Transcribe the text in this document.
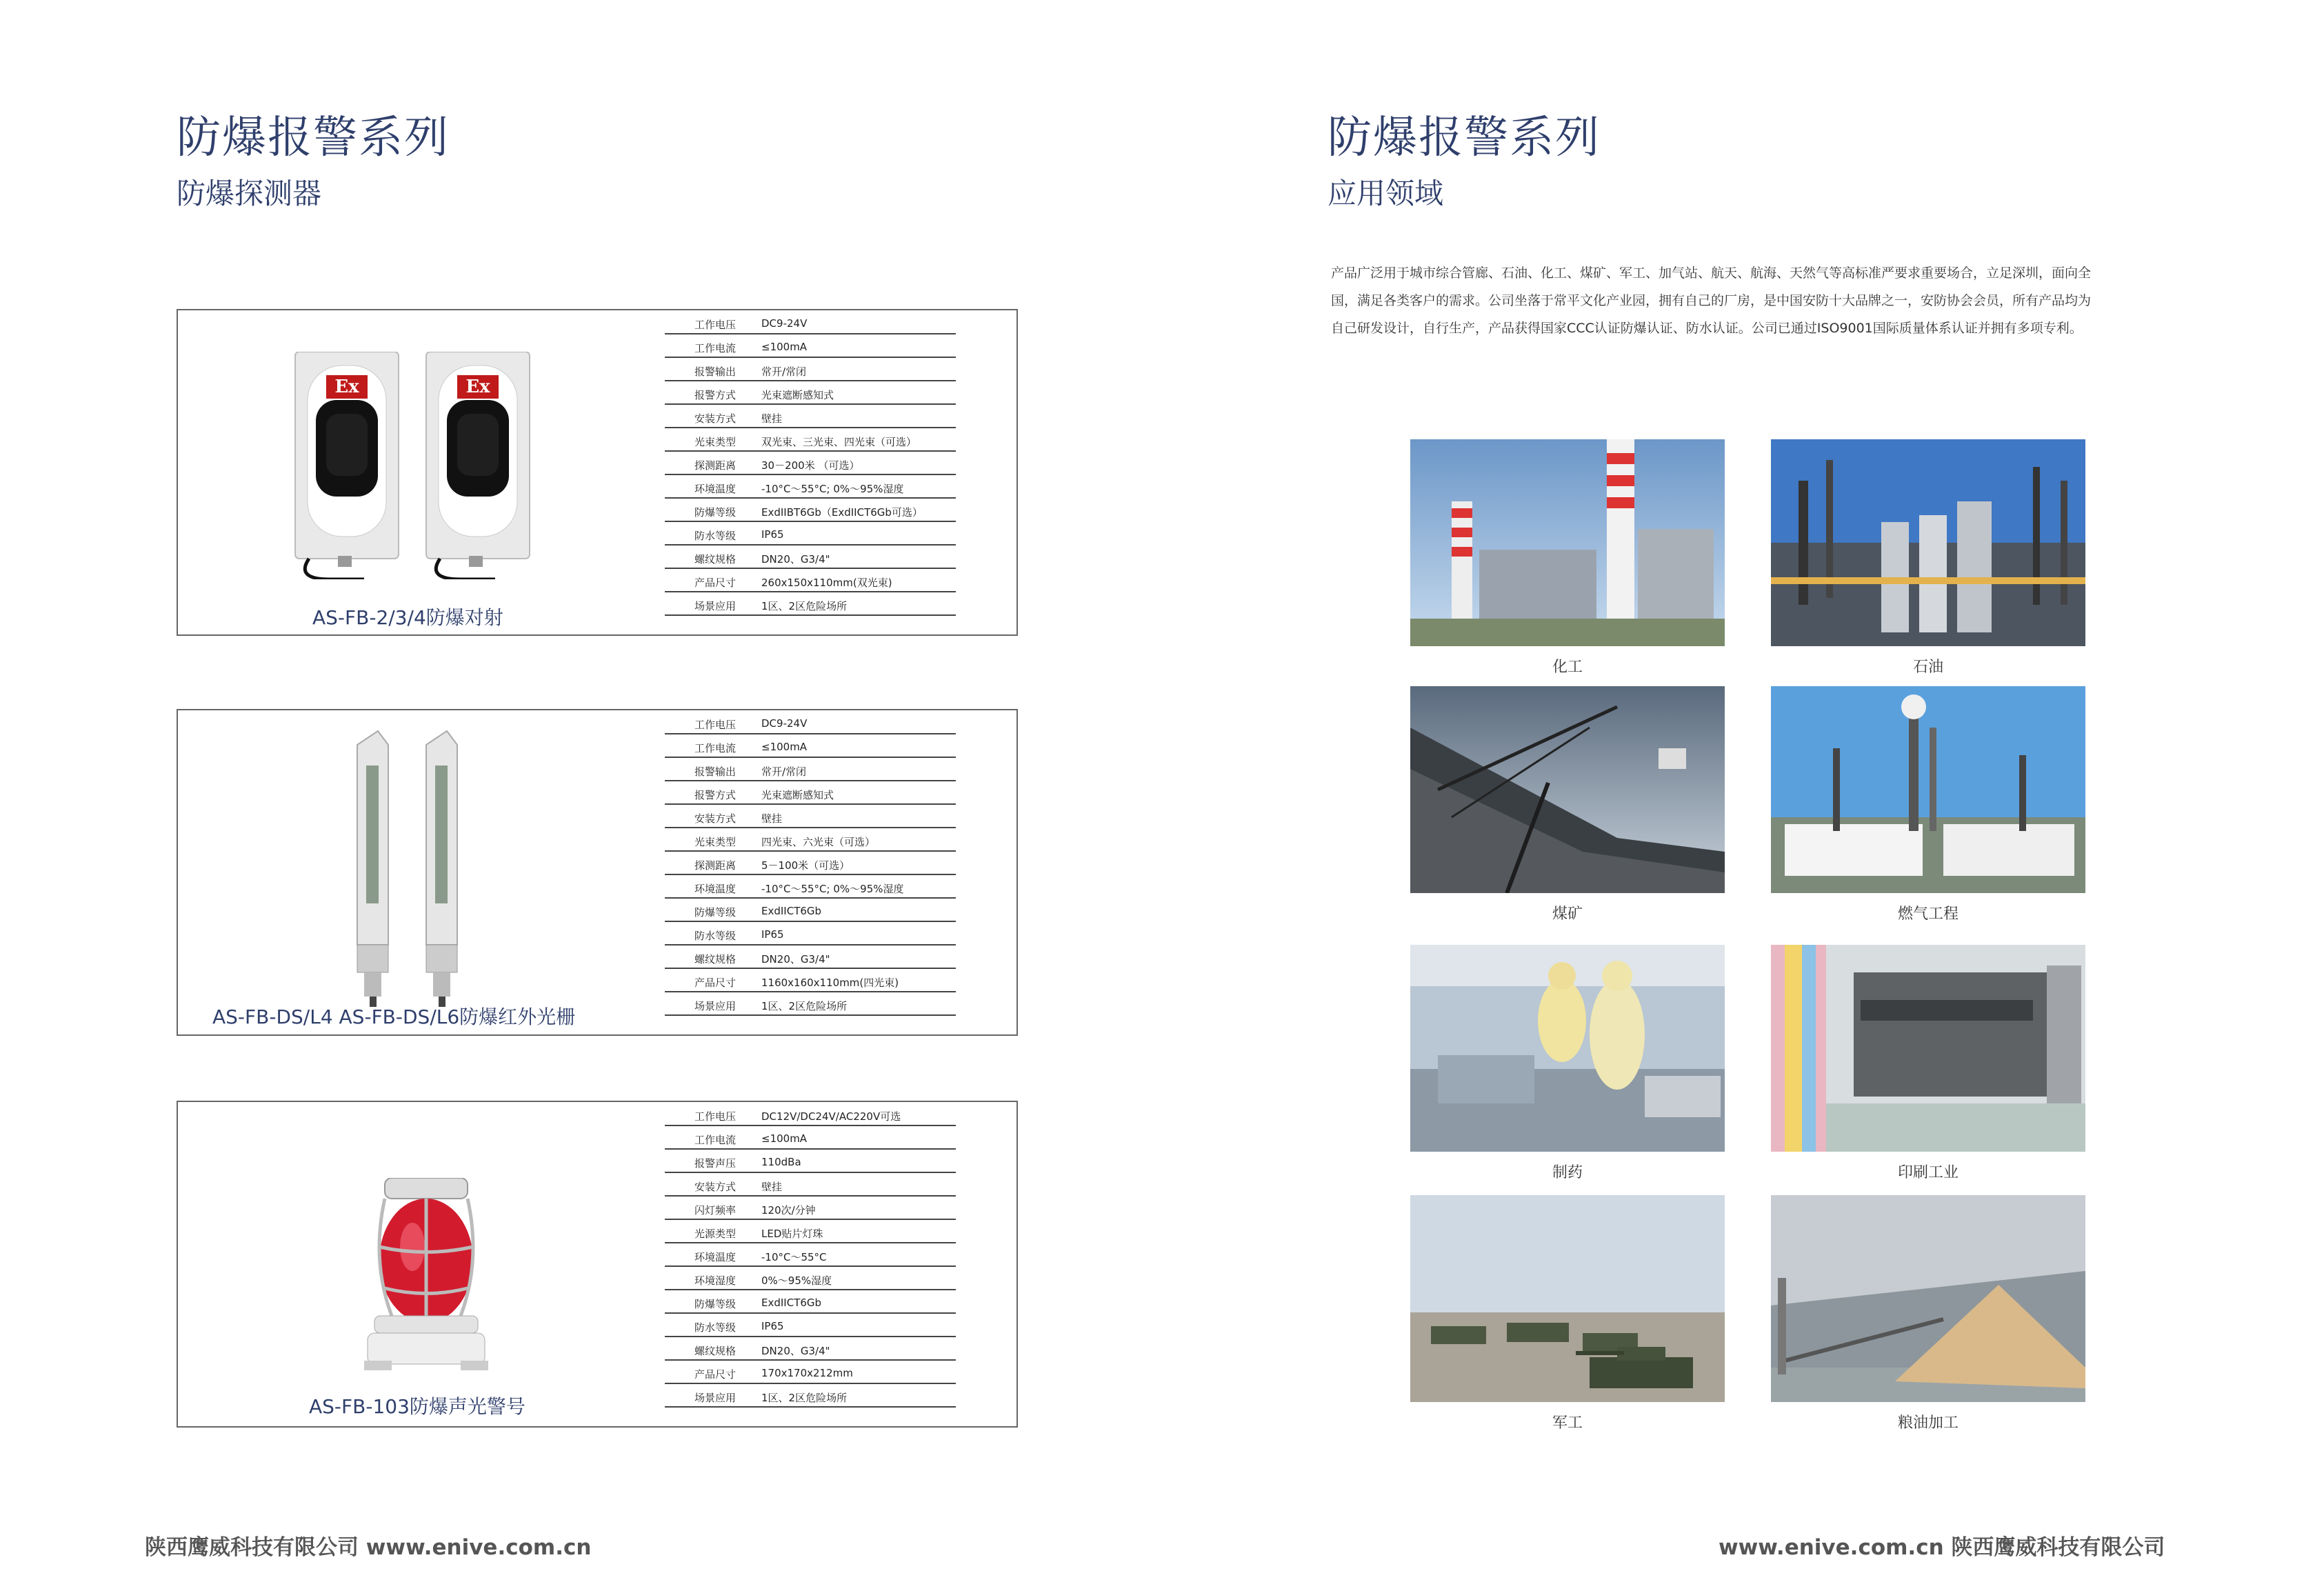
防爆报警系列
防爆探测器
Ex	Ex
AS-FB-2/3/4防爆对射
工作电压 DC9-24V
工作电流 ≤100mA
报警输出 常开/常闭
报警方式 光束遮断感知式
安装方式 壁挂
光束类型 双光束、三光束、四光束（可选）
探测距离 30－200米 （可选）
环境温度 -10°C～55°C; 0%～95%湿度
防爆等级 ExdIIBT6Gb（ExdIICT6Gb可选）
防水等级 IP65
螺纹规格 DN20、G3/4"
产品尺寸 260x150x110mm(双光束)
场景应用 1区、2区危险场所
AS-FB-DS/L4 AS-FB-DS/L6防爆红外光栅
工作电压 DC9-24V
工作电流 ≤100mA
报警输出 常开/常闭
报警方式 光束遮断感知式
安装方式 壁挂
光束类型 四光束、六光束（可选）
探测距离 5－100米（可选）
环境温度 -10°C～55°C; 0%～95%湿度
防爆等级 ExdIICT6Gb
防水等级 IP65
螺纹规格 DN20、G3/4"
产品尺寸 1160x160x110mm(四光束)
场景应用 1区、2区危险场所
AS-FB-103防爆声光警号
工作电压 DC12V/DC24V/AC220V可选
工作电流 ≤100mA
报警声压 110dBa
安装方式 壁挂
闪灯频率 120次/分钟
光源类型 LED贴片灯珠
环境温度 -10°C～55°C
环境湿度 0%～95%湿度
防爆等级 ExdIICT6Gb
防水等级 IP65
螺纹规格 DN20、G3/4"
产品尺寸 170x170x212mm
场景应用 1区、2区危险场所
陕西鹰威科技有限公司 www.enive.com.cn
防爆报警系列
应用领域
产品广泛用于城市综合管廊、石油、化工、煤矿、军工、加气站、航天、航海、天然气等高标准严要求重要场合，立足深圳，面向全
国，满足各类客户的需求。公司坐落于常平文化产业园，拥有自己的厂房，是中国安防十大品牌之一，安防协会会员，所有产品均为
自己研发设计，自行生产，产品获得国家CCC认证防爆认证、防水认证。公司已通过ISO9001国际质量体系认证并拥有多项专利。
化工	石油
煤矿	燃气工程
制药	印刷工业
军工	粮油加工
www.enive.com.cn 陕西鹰威科技有限公司
